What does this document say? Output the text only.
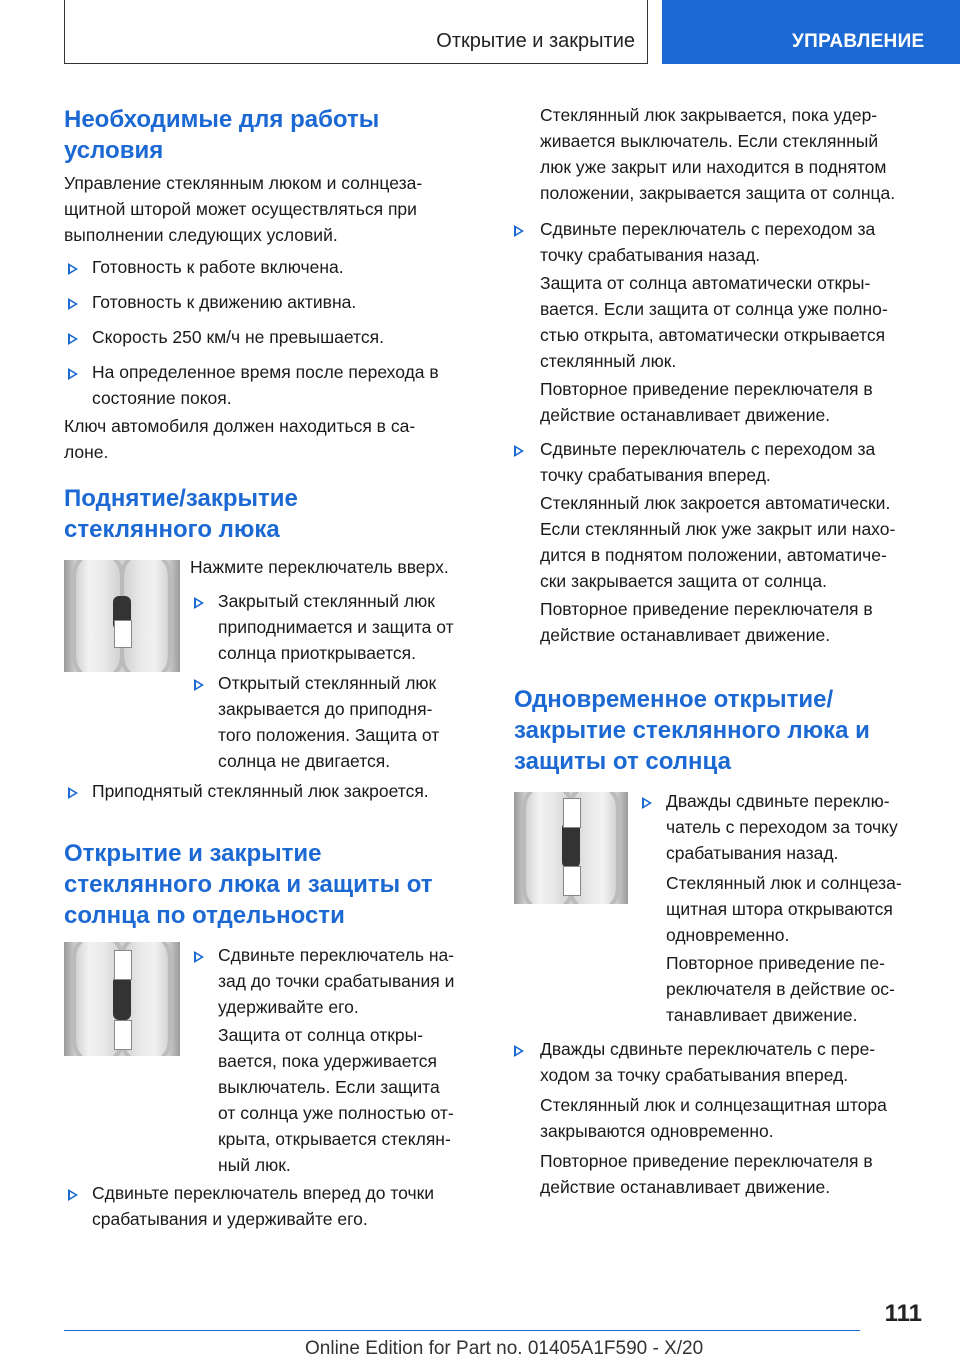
Открытие и закрытие	УПРАВЛЕНИЕ
Необходимые для работы
условия

Управление стеклянным люком и солнцеза-
щитной шторой может осуществляться при
выполнении следующих условий.

Готовность к работе включена.

Готовность к движению активна.

Скорость 250 км/ч не превышается.

На определенное время после перехода в
состояние покоя.

Ключ автомобиля должен находиться в са-
лоне.

Поднятие/закрытие
стеклянного люка

Нажмите переключатель вверх.

Закрытый стеклянный люк
приподнимается и защита от
солнца приоткрывается.

Открытый стеклянный люк
закрывается до приподня-
того положения. Защита от
солнца не двигается.

Приподнятый стеклянный люк закроется.

Открытие и закрытие
стеклянного люка и защиты от
солнца по отдельности

Сдвиньте переключатель на-
зад до точки срабатывания и
удерживайте его.

Защита от солнца откры-
вается, пока удерживается
выключатель. Если защита
от солнца уже полностью от-
крыта, открывается стеклян-
ный люк.

Сдвиньте переключатель вперед до точки
срабатывания и удерживайте его.

Стеклянный люк закрывается, пока удер-
живается выключатель. Если стеклянный
люк уже закрыт или находится в поднятом
положении, закрывается защита от солнца.

Сдвиньте переключатель с переходом за
точку срабатывания назад.

Защита от солнца автоматически откры-
вается. Если защита от солнца уже полно-
стью открыта, автоматически открывается
стеклянный люк.

Повторное приведение переключателя в
действие останавливает движение.

Сдвиньте переключатель с переходом за
точку срабатывания вперед.

Стеклянный люк закроется автоматически.
Если стеклянный люк уже закрыт или нахо-
дится в поднятом положении, автоматиче-
ски закрывается защита от солнца.

Повторное приведение переключателя в
действие останавливает движение.

Одновременное открытие/
закрытие стеклянного люка и
защиты от солнца

Дважды сдвиньте переклю-
чатель с переходом за точку
срабатывания назад.

Стеклянный люк и солнцеза-
щитная штора открываются
одновременно.

Повторное приведение пе-
реключателя в действие ос-
танавливает движение.

Дважды сдвиньте переключатель с пере-
ходом за точку срабатывания вперед.

Стеклянный люк и солнцезащитная штора
закрываются одновременно.

Повторное приведение переключателя в
действие останавливает движение.

111
Online Edition for Part no. 01405A1F590 - X/20
